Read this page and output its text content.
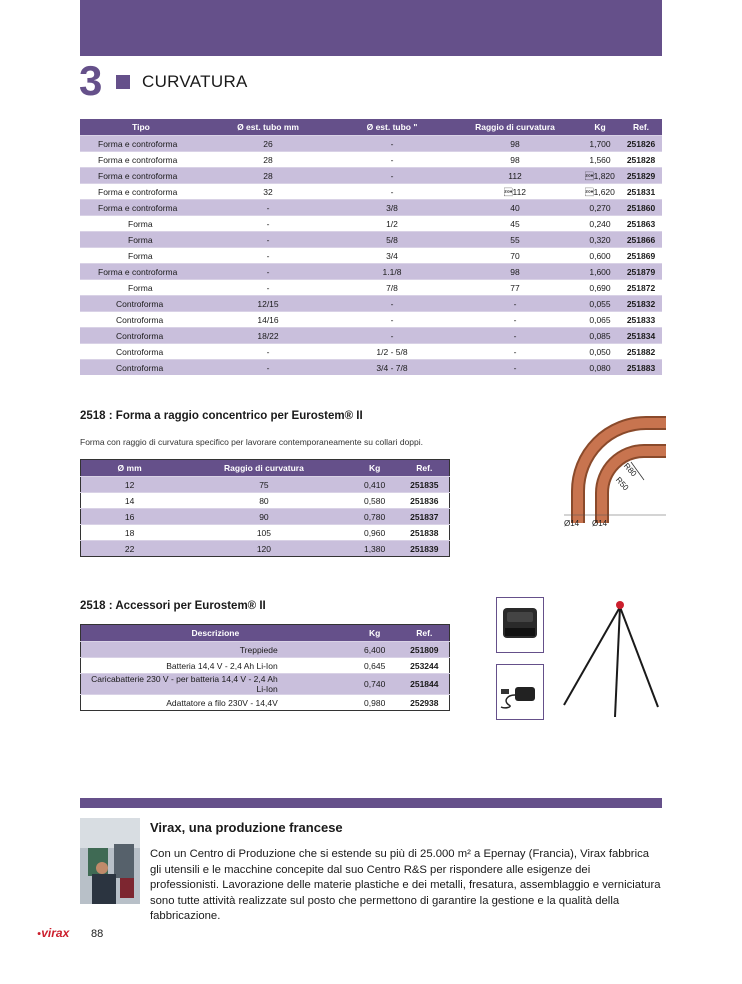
3 CURVATURA
Tipo	Ø est. tubo mm	Ø est. tubo "	Raggio di curvatura	Kg	Ref.
Forma e controforma	26	-	98	1,700	251826
Forma e controforma	28	-	98	1,560	251828
Forma e controforma	28	-	112	1,820	251829
Forma e controforma	32	-	112	1,620	251831
Forma e controforma	-	3/8	40	0,270	251860
Forma	-	1/2	45	0,240	251863
Forma	-	5/8	55	0,320	251866
Forma	-	3/4	70	0,600	251869
Forma e controforma	-	1.1/8	98	1,600	251879
Forma	-	7/8	77	0,690	251872
Controforma	12/15	-	-	0,055	251832
Controforma	14/16	-	-	0,065	251833
Controforma	18/22	-	-	0,085	251834
Controforma	-	1/2 - 5/8	-	0,050	251882
Controforma	-	3/4 - 7/8	-	0,080	251883
2518 : Forma a raggio concentrico per Eurostem® II
Forma con raggio di curvatura specifico per lavorare contemporaneamente su collari doppi.
Ø mm	Raggio di curvatura	Kg	Ref.
12	75	0,410	251835
14	80	0,580	251836
16	90	0,780	251837
18	105	0,960	251838
22	120	1,380	251839
R80
R50
Ø14 Ø14
2518 : Accessori per Eurostem® II
Descrizione	Kg	Ref.
Treppiede	6,400	251809
Batteria 14,4 V - 2,4 Ah Li-Ion	0,645	253244
Caricabatterie 230 V - per batteria 14,4 V - 2,4 Ah Li-Ion	0,740	251844
Adattatore a filo 230V - 14,4V	0,980	252938
Virax, una produzione francese
Con un Centro di Produzione che si estende su più di 25.000 m² a Epernay (Francia), Virax fabbrica gli utensili e le macchine concepite dal suo Centro R&S per rispondere alle esigenze dei professionisti. Lavorazione delle materie plastiche e dei metalli, fresatura, assemblaggio e verniciatura sono tutte attività realizzate sul posto che permettono di garantire la gestione e la qualità della fabbricazione.
●virax 88
